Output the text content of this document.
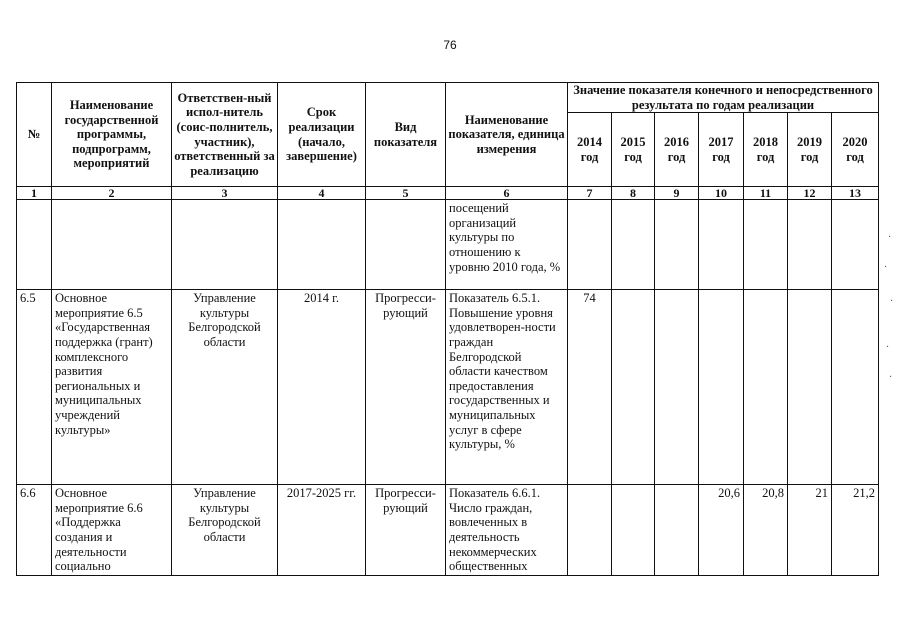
76
№	Наименование государственной программы, подпрограмм, мероприятий	Ответствен-ный испол-нитель (соис-полнитель, участник), ответственный за реализацию	Срок реализации (начало, завершение)	Вид показателя	Наименование показателя, единица измерения	Значение показателя конечного и непосредственного результата по годам реализации						
						2014 год	2015 год	2016 год	2017 год	2018 год	2019 год	2020 год
1	2	3	4	5	6	7	8	9	10	11	12	13
					посещений организаций культуры по отношению к уровню 2010 года, %							
6.5	Основное мероприятие 6.5 «Государственная поддержка (грант) комплексного развития региональных и муниципальных учреждений культуры»	Управление культуры Белгородской области	2014 г.	Прогресси-рующий	Показатель 6.5.1. Повышение уровня удовлетворен-ности граждан Белгородской области качеством предоставления государственных и муниципальных услуг в сфере культуры, %	74						
6.6	Основное мероприятие 6.6 «Поддержка создания и деятельности социально	Управление культуры Белгородской области	2017-2025 гг.	Прогресси-рующий	Показатель 6.6.1. Число граждан, вовлеченных в деятельность некоммерческих общественных				20,6	20,8	21	21,2
·
·
·
·
·
